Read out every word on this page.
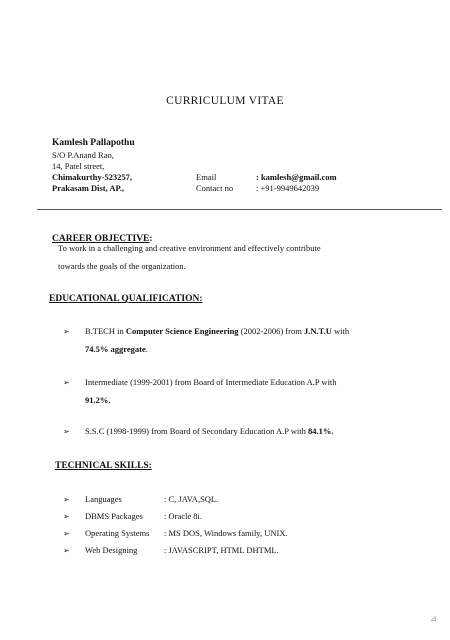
CURRICULUM VITAE
Kamlesh Pallapothu
S/O P.Anand Rao,
14, Patel street,
Chimakurthy-523257,
Prakasam Dist, AP.,
Email	: kamlesh@gmail.com
Contact no	: +91-9949642039
CAREER OBJECTIVE:
To work in a challenging and creative environment and effectively contribute
towards the goals of the organization.
EDUCATIONAL QUALIFICATION:
➢ B.TECH in Computer Science Engineering (2002-2006) from J.N.T.U with
74.5% aggregate.
➢ Intermediate (1999-2001) from Board of Intermediate Education A.P with
91.2%.
➢ S.S.C (1998-1999) from Board of Secondary Education A.P with 84.1%.
TECHNICAL SKILLS:
➢ Languages	: C, JAVA,SQL.
➢ DBMS Packages : Oracle 8i.
➢ Operating Systems : MS DOS, Windows family, UNIX.
➢ Web Designing	: JAVASCRIPT, HTML DHTML.
⊿
